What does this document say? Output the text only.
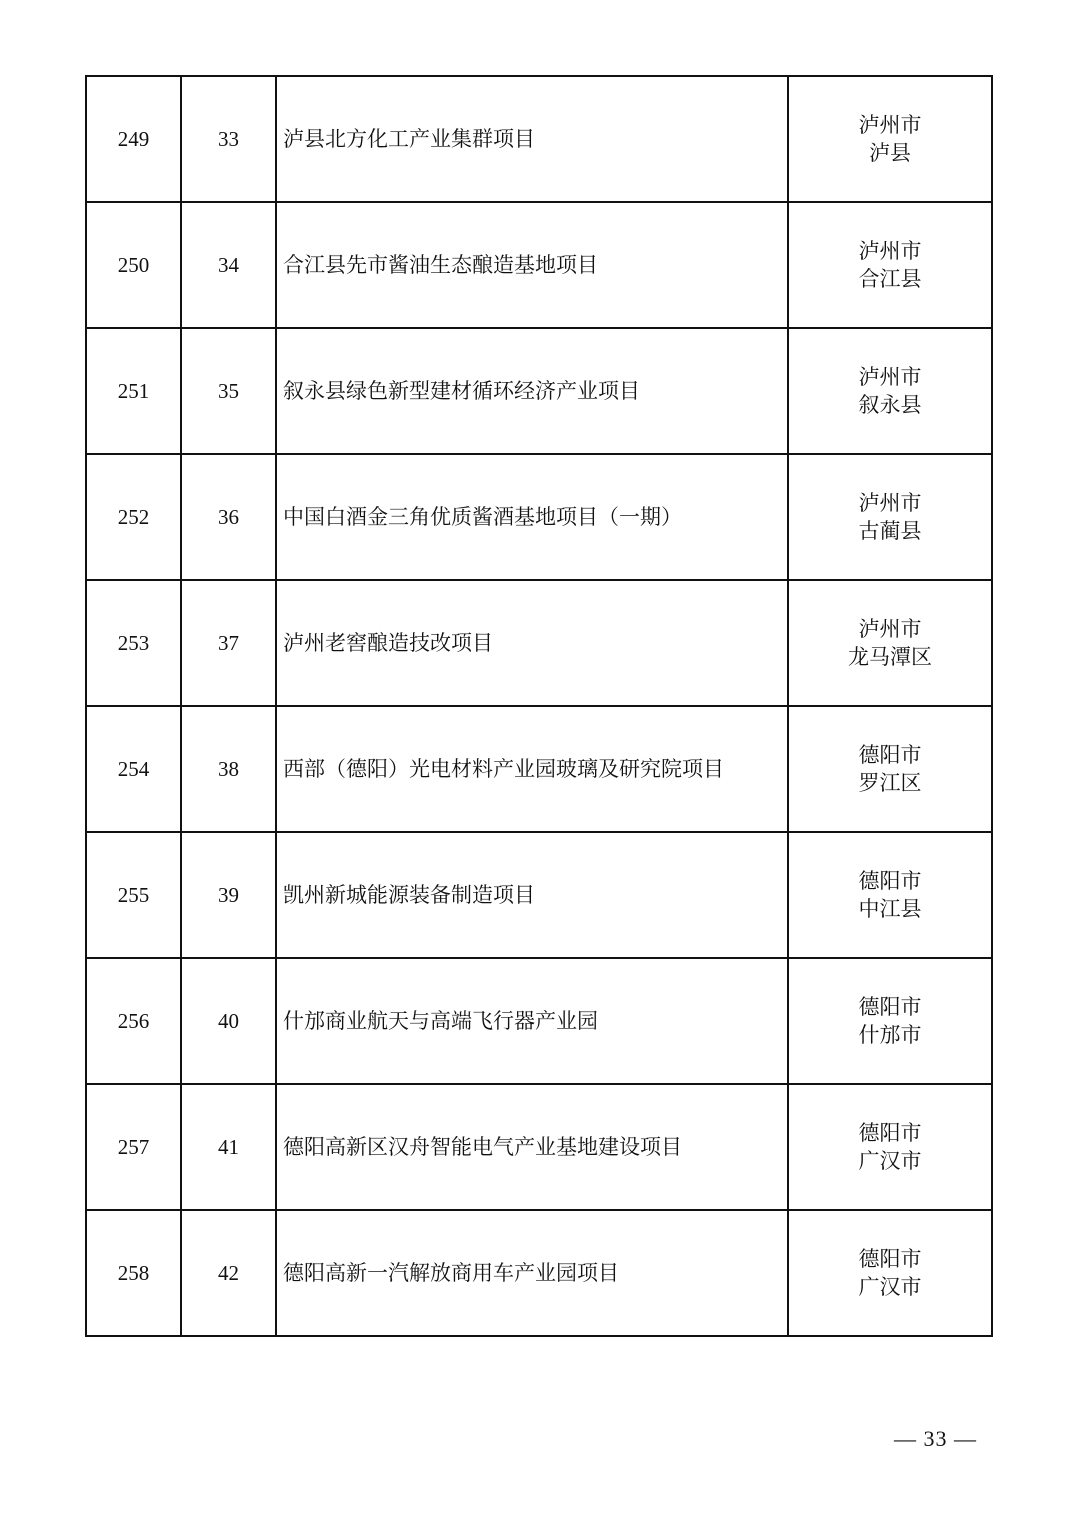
249	33	泸县北方化工产业集群项目	泸州市
泸县

250	34	合江县先市酱油生态酿造基地项目	泸州市
合江县

251	35	叙永县绿色新型建材循环经济产业项目	泸州市
叙永县

252	36	中国白酒金三角优质酱酒基地项目（一期）	泸州市
古蔺县

253	37	泸州老窖酿造技改项目	泸州市
龙马潭区

254	38	西部（德阳）光电材料产业园玻璃及研究院项目	德阳市
罗江区

255	39	凯州新城能源装备制造项目	德阳市
中江县

256	40	什邡商业航天与高端飞行器产业园	德阳市
什邡市

257	41	德阳高新区汉舟智能电气产业基地建设项目	德阳市
广汉市

258	42	德阳高新一汽解放商用车产业园项目	德阳市
广汉市
— 33 —
